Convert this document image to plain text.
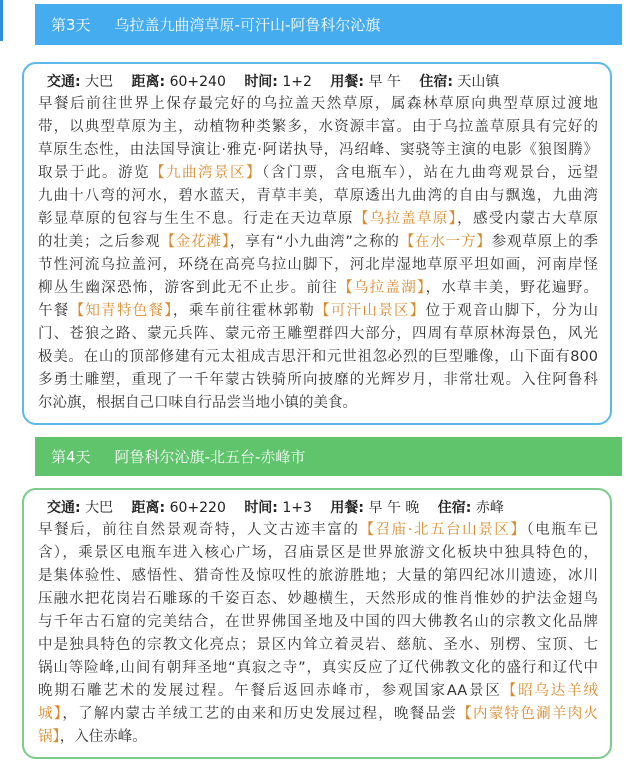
第3天 乌拉盖九曲湾草原-可汗山-阿鲁科尔沁旗
交通: 大巴 距离: 60+240 时间: 1+2 用餐: 早 午 住宿: 天山镇
早餐后前往世界上保存最完好的乌拉盖天然草原，属森林草原向典型草原过渡地
带，以典型草原为主，动植物种类繁多，水资源丰富。由于乌拉盖草原具有完好的
草原生态性，由法国导演让·雅克·阿诺执导，冯绍峰、窦骁等主演的电影《狼图腾》
取景于此。游览【九曲湾景区】（含门票，含电瓶车），站在九曲弯观景台，远望
九曲十八弯的河水，碧水蓝天，青草丰美，草原透出九曲湾的自由与飘逸，九曲湾
彰显草原的包容与生生不息。行走在天边草原【乌拉盖草原】，感受内蒙古大草原
的壮美；之后参观【金花滩】，享有“小九曲湾”之称的【在水一方】参观草原上的季
节性河流乌拉盖河，环绕在高亮乌拉山脚下，河北岸湿地草原平坦如画，河南岸怪
柳丛生幽深恐怖，游客到此无不止步。前往【乌拉盖湖】，水草丰美，野花遍野。
午餐【知青特色餐】，乘车前往霍林郭勒【可汗山景区】位于观音山脚下，分为山
门、苍狼之路、蒙元兵阵、蒙元帝王雕塑群四大部分，四周有草原林海景色，风光
极美。在山的顶部修建有元太祖成吉思汗和元世祖忽必烈的巨型雕像，山下面有800
多勇士雕塑，重现了一千年蒙古铁骑所向披靡的光辉岁月，非常壮观。入住阿鲁科
尔沁旗，根据自己口味自行品尝当地小镇的美食。
第4天 阿鲁科尔沁旗-北五台-赤峰市
交通: 大巴 距离: 60+220 时间: 1+3 用餐: 早 午 晚 住宿: 赤峰
早餐后，前往自然景观奇特，人文古迹丰富的【召庙·北五台山景区】（电瓶车已
含），乘景区电瓶车进入核心广场，召庙景区是世界旅游文化板块中独具特色的，
是集体验性、感悟性、猎奇性及惊叹性的旅游胜地；大量的第四纪冰川遗迹，冰川
压融水把花岗岩石雕琢的千姿百态、妙趣横生，天然形成的惟肖惟妙的护法金翅鸟
与千年古石窟的完美结合，在世界佛国圣地及中国的四大佛教名山的宗教文化品牌
中是独具特色的宗教文化亮点；景区内耸立着灵岩、慈航、圣水、别楞、宝顶、七
锅山等险峰,山间有朝拜圣地“真寂之寺”，真实反应了辽代佛教文化的盛行和辽代中
晚期石雕艺术的发展过程。午餐后返回赤峰市，参观国家AA景区【昭乌达羊绒
城】，了解内蒙古羊绒工艺的由来和历史发展过程，晚餐品尝【内蒙特色涮羊肉火
锅】，入住赤峰。
